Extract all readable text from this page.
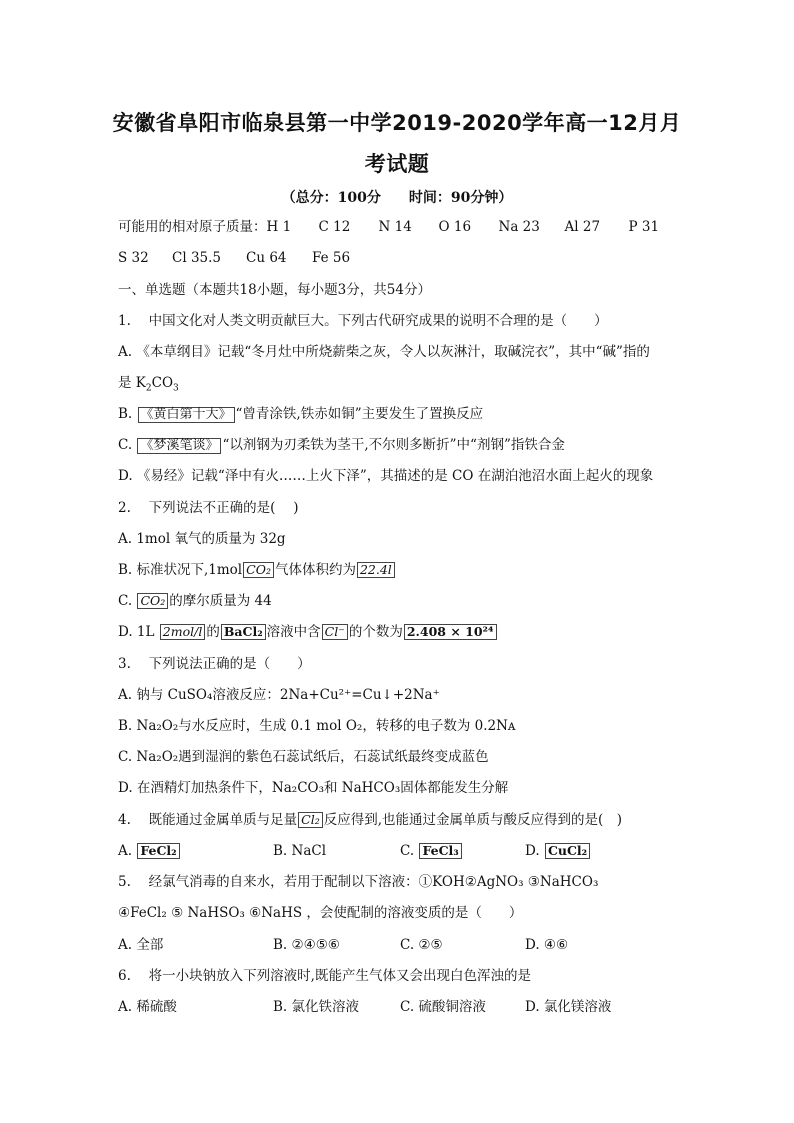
安徽省阜阳市临泉县第一中学2019-2020学年高一12月月
考试题
（总分：100分　　时间：90分钟）
可能用的相对原子质量：H 1 C 12 N 14 O 16 Na 23 Al 27 P 31
S 32 Cl 35.5 Cu 64 Fe 56
一、单选题（本题共18小题，每小题3分，共54分）
1.　 中国文化对人类文明贡献巨大。下列古代研究成果的说明不合理的是（　　）
A. 《本草纲目》记载“冬月灶中所烧薪柴之灰，令人以灰淋汁，取碱浣衣”，其中“碱”指的
是 $K_2CO_3$
B. 《黄白第十大》 “曾青涂铁,铁赤如铜”主要发生了置换反应
C. 《梦溪笔谈》 “以剂钢为刃柔铁为茎干,不尔则多断折”中“剂钢”指铁合金
D. 《易经》记载“泽中有火……上火下泽”，其描述的是 CO 在湖泊池沼水面上起火的现象
2.　 下列说法不正确的是(　 )
A. 1mol 氧气的质量为 32g
B. 标准状况下,1mol CO₂ 气体体积约为 22.4l
C. CO₂ 的摩尔质量为 44
D. 1L 2mol/l 的 BaCl₂ 溶液中含 Cl⁻ 的个数为 2.408 × 10²⁴
3.　 下列说法正确的是（　　）
A. 钠与 CuSO₄溶液反应：2Na+Cu²⁺=Cu↓+2Na⁺
B. Na₂O₂与水反应时，生成 0.1 mol O₂，转移的电子数为 0.2Nᴀ
C. Na₂O₂遇到湿润的紫色石蕊试纸后，石蕊试纸最终变成蓝色
D. 在酒精灯加热条件下，Na₂CO₃和 NaHCO₃固体都能发生分解
4.　 既能通过金属单质与足量 Cl₂ 反应得到,也能通过金属单质与酸反应得到的是(　)
A. FeCl₂	B. NaCl	C. FeCl₃	D. CuCl₂
5.　 经氯气消毒的自来水，若用于配制以下溶液：①KOH②AgNO₃ ③NaHCO₃
④FeCl₂ ⑤ NaHSO₃ ⑥NaHS ，会使配制的溶液变质的是（　　）
A. 全部	B. ②④⑤⑥	C. ②⑤	D. ④⑥
6.　 将一小块钠放入下列溶液时,既能产生气体又会出现白色浑浊的是
A. 稀硫酸	B. 氯化铁溶液	C. 硫酸铜溶液	D. 氯化镁溶液
